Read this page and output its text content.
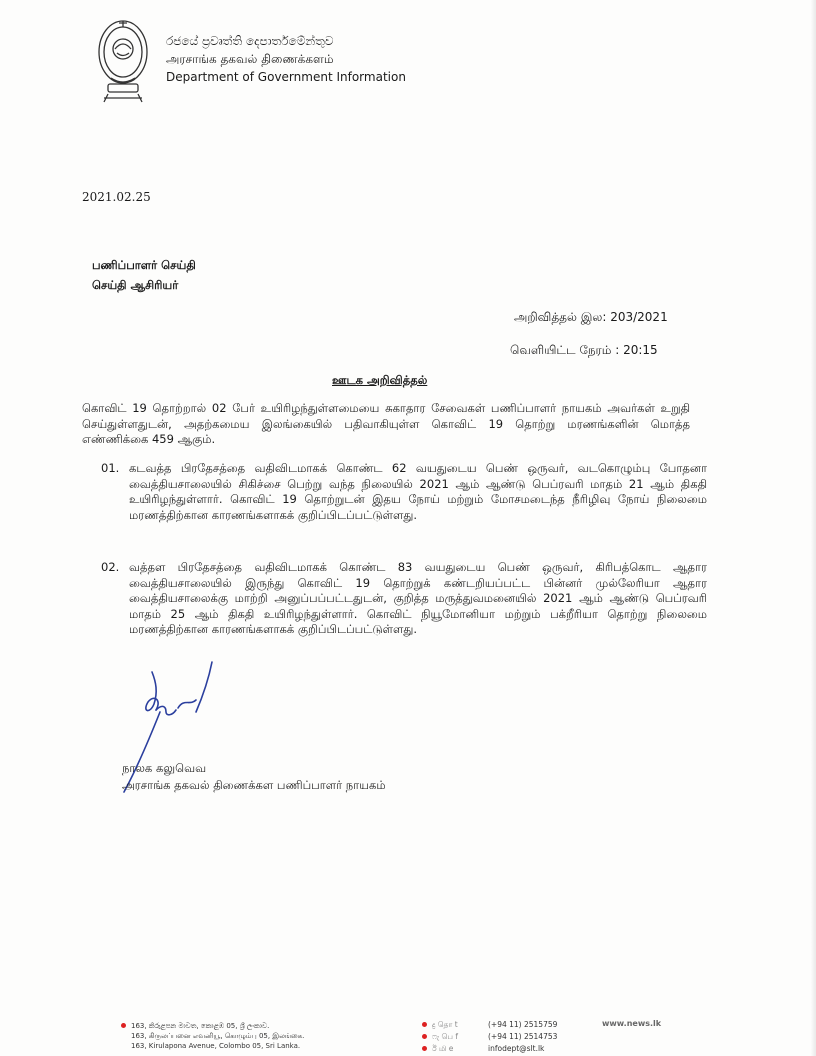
රජයේ ප්‍රවෘත්ති දෙපාර්තමේන්තුව
அரசாங்க தகவல் திணைக்களம்
Department of Government Information
2021.02.25
பணிப்பாளர் செய்தி
செய்தி ஆசிரியர்
அறிவித்தல் இல: 203/2021
வெளியிட்ட நேரம் : 20:15
ஊடக அறிவித்தல்
கொவிட் 19 தொற்றால் 02 பேர் உயிரிழந்துள்ளமையை சுகாதார சேவைகள் பணிப்பாளர் நாயகம் அவர்கள் உறுதி செய்துள்ளதுடன், அதற்கமைய இலங்கையில் பதிவாகியுள்ள கொவிட் 19 தொற்று மரணங்களின் மொத்த எண்ணிக்கை 459 ஆகும்.
01. கடவத்த பிரதேசத்தை வதிவிடமாகக் கொண்ட 62 வயதுடைய பெண் ஒருவர், வடகொழும்பு போதனா வைத்தியசாலையில் சிகிச்சை பெற்று வந்த நிலையில் 2021 ஆம் ஆண்டு பெப்ரவரி மாதம் 21 ஆம் திகதி உயிரிழந்துள்ளார். கொவிட் 19 தொற்றுடன் இதய நோய் மற்றும் மோசமடைந்த நீரிழிவு நோய் நிலைமை மரணத்திற்கான காரணங்களாகக் குறிப்பிடப்பட்டுள்ளது.
02. வத்தள பிரதேசத்தை வதிவிடமாகக் கொண்ட 83 வயதுடைய பெண் ஒருவர், கிரிபத்கொட ஆதார வைத்தியசாலையில் இருந்து கொவிட் 19 தொற்றுக் கண்டறியப்பட்ட பின்னர் முல்லேரியா ஆதார வைத்தியசாலைக்கு மாற்றி அனுப்பப்பட்டதுடன், குறித்த மருத்துவமனையில் 2021 ஆம் ஆண்டு பெப்ரவரி மாதம் 25 ஆம் திகதி உயிரிழந்துள்ளார். கொவிட் நியூமோனியா மற்றும் பக்றீரியா தொற்று நிலைமை மரணத்திற்கான காரணங்களாகக் குறிப்பிடப்பட்டுள்ளது.
நாலக கலுவெவ
அரசாங்க தகவல் திணைக்கள பணிப்பாளர் நாயகம்
163, කිරුළපන මාවත, කොළඹ 05, ශ්‍රී ලංකාව.
163, கிருலப்பனை எவனியூ, கொழும்பு 05, இலங்கை.
163, Kirulapona Avenue, Colombo 05, Sri Lanka.
දු தொ t	(+94 11) 2515759
ෆැ பெ f	(+94 11) 2514753
ඊ மி e	infodept@slt.lk
www.news.lk
